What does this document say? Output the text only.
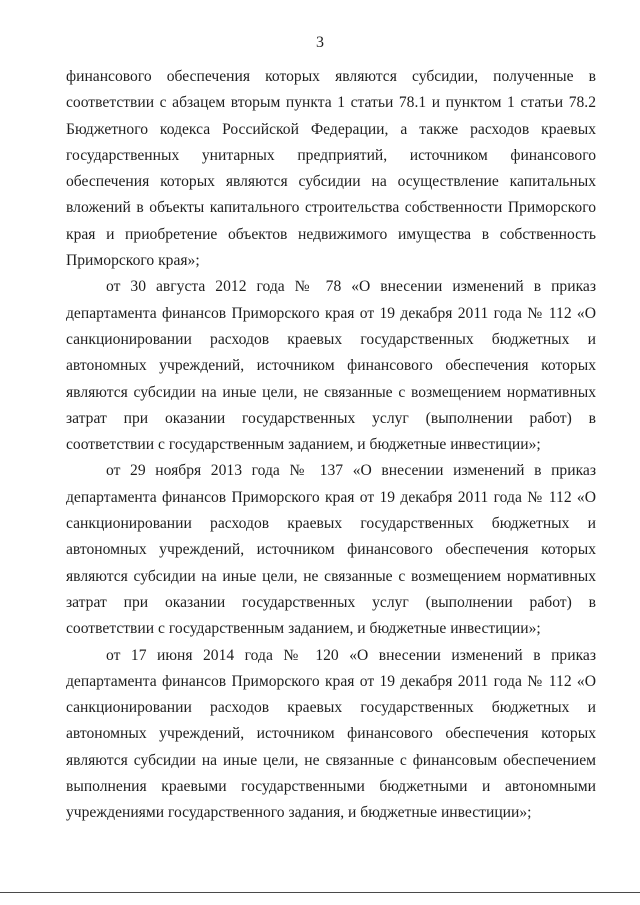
3

финансового обеспечения которых являются субсидии, полученные в соответствии с абзацем вторым пункта 1 статьи 78.1 и пунктом 1 статьи 78.2 Бюджетного кодекса Российской Федерации, а также расходов краевых государственных унитарных предприятий, источником финансового обеспечения которых являются субсидии на осуществление капитальных вложений в объекты капитального строительства собственности Приморского края и приобретение объектов недвижимого имущества в собственность Приморского края»;

от 30 августа 2012 года № 78 «О внесении изменений в приказ департамента финансов Приморского края от 19 декабря 2011 года № 112 «О санкционировании расходов краевых государственных бюджетных и автономных учреждений, источником финансового обеспечения которых являются субсидии на иные цели, не связанные с возмещением нормативных затрат при оказании государственных услуг (выполнении работ) в соответствии с государственным заданием, и бюджетные инвестиции»;

от 29 ноября 2013 года № 137 «О внесении изменений в приказ департамента финансов Приморского края от 19 декабря 2011 года № 112 «О санкционировании расходов краевых государственных бюджетных и автономных учреждений, источником финансового обеспечения которых являются субсидии на иные цели, не связанные с возмещением нормативных затрат при оказании государственных услуг (выполнении работ) в соответствии с государственным заданием, и бюджетные инвестиции»;

от 17 июня 2014 года № 120 «О внесении изменений в приказ департамента финансов Приморского края от 19 декабря 2011 года № 112 «О санкционировании расходов краевых государственных бюджетных и автономных учреждений, источником финансового обеспечения которых являются субсидии на иные цели, не связанные с финансовым обеспечением выполнения краевыми государственными бюджетными и автономными учреждениями государственного задания, и бюджетные инвестиции»;
